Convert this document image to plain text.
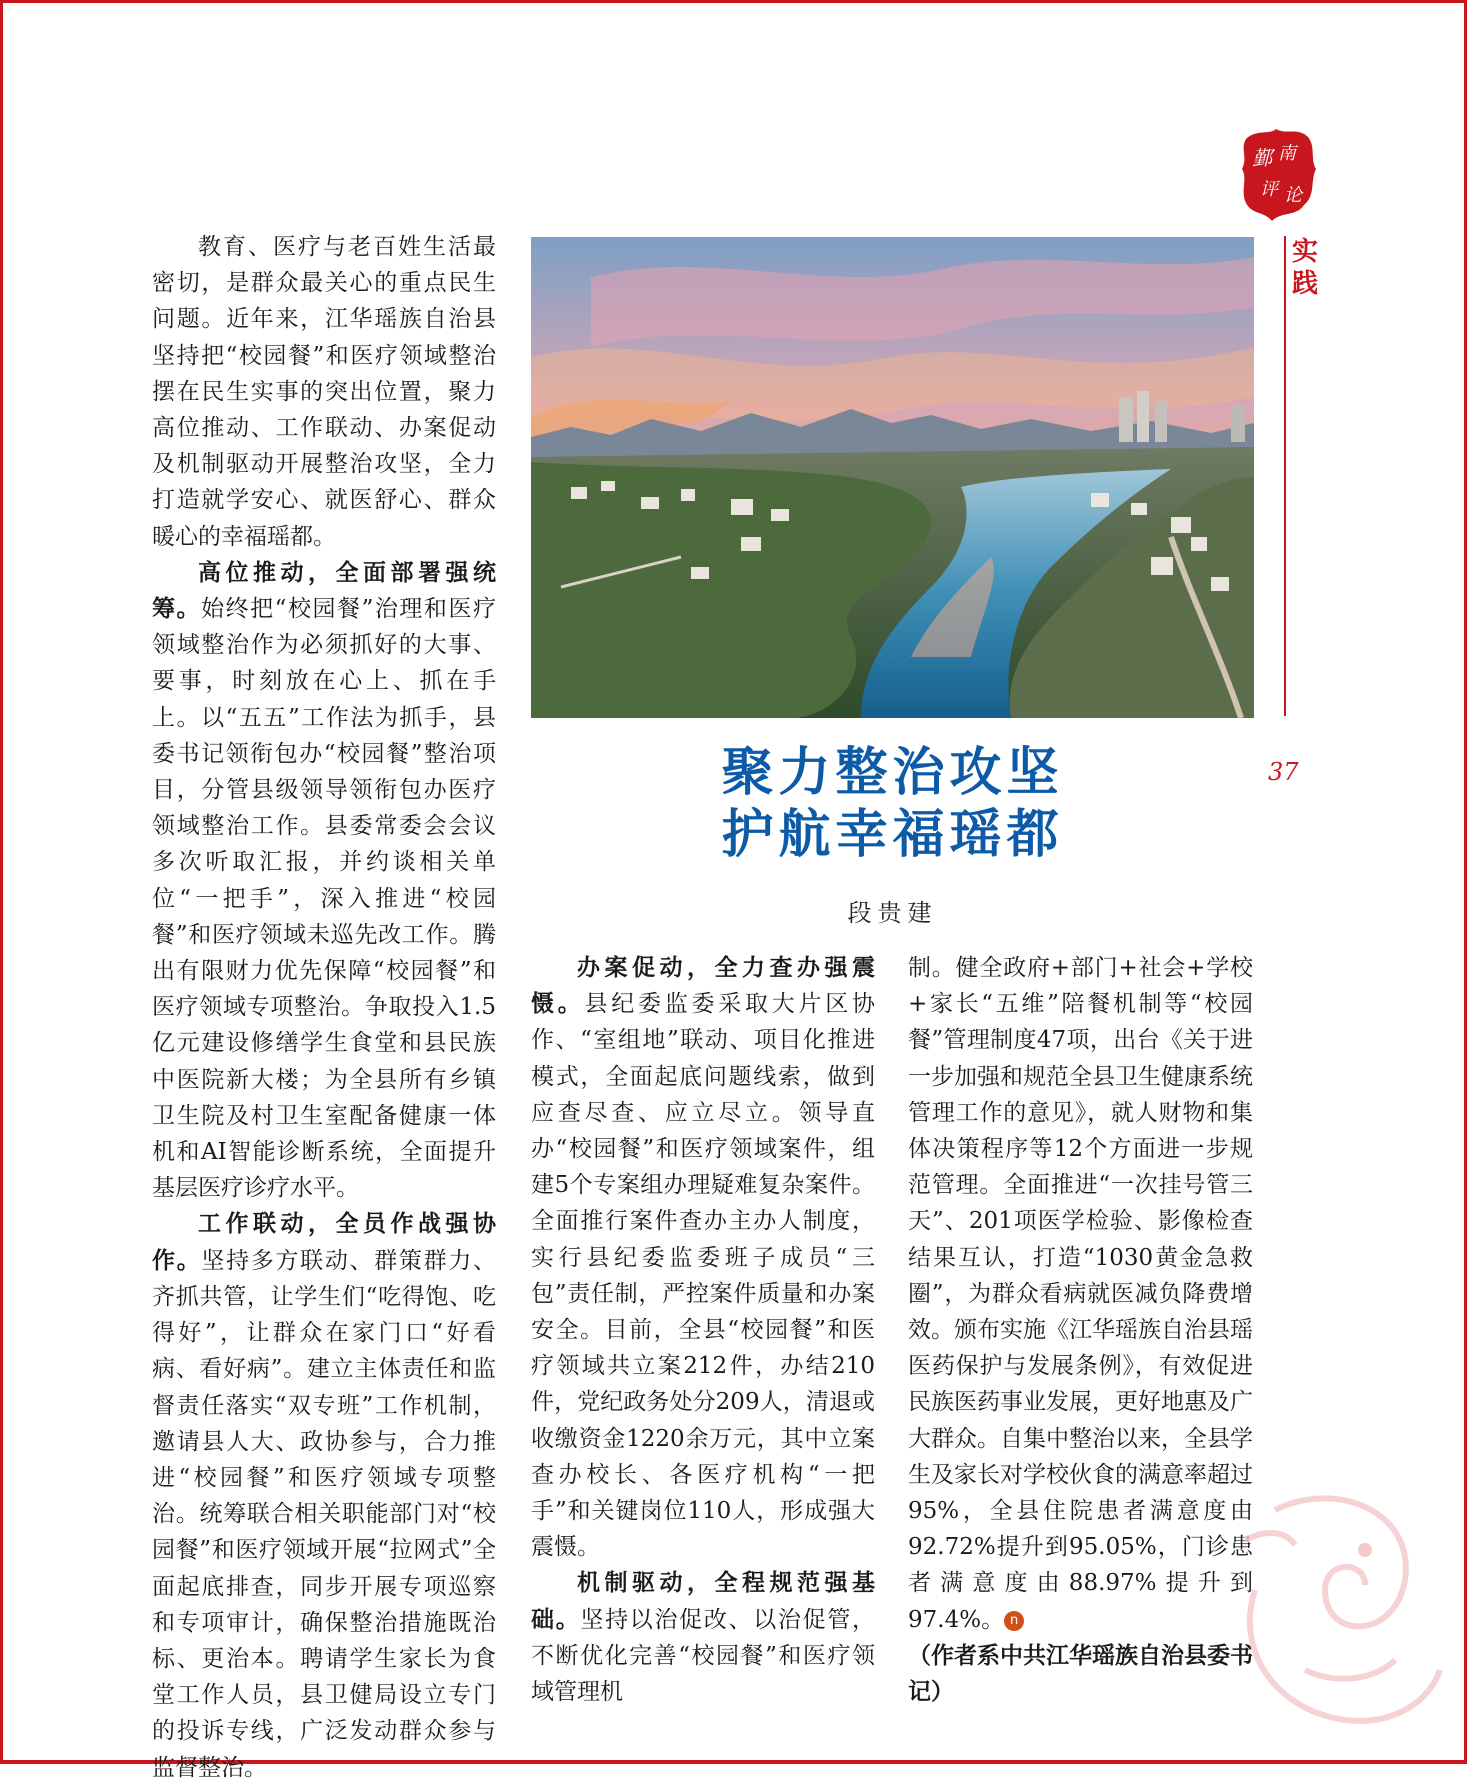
鄞 南
评 论
实践
37
聚力整治攻坚
护航幸福瑶都
段贵建

教育、医疗与老百姓生活最密切，是群众最关心的重点民生问题。近年来，江华瑶族自治县坚持把“校园餐”和医疗领域整治摆在民生实事的突出位置，聚力高位推动、工作联动、办案促动及机制驱动开展整治攻坚，全力打造就学安心、就医舒心、群众暖心的幸福瑶都。

高位推动，全面部署强统筹。始终把“校园餐”治理和医疗领域整治作为必须抓好的大事、要事，时刻放在心上、抓在手上。以“五五”工作法为抓手，县委书记领衔包办“校园餐”整治项目，分管县级领导领衔包办医疗领域整治工作。县委常委会会议多次听取汇报，并约谈相关单位“一把手”，深入推进“校园餐”和医疗领域未巡先改工作。腾出有限财力优先保障“校园餐”和医疗领域专项整治。争取投入1.5亿元建设修缮学生食堂和县民族中医院新大楼；为全县所有乡镇卫生院及村卫生室配备健康一体机和AI智能诊断系统，全面提升基层医疗诊疗水平。

工作联动，全员作战强协作。坚持多方联动、群策群力、齐抓共管，让学生们“吃得饱、吃得好”，让群众在家门口“好看病、看好病”。建立主体责任和监督责任落实“双专班”工作机制，邀请县人大、政协参与，合力推进“校园餐”和医疗领域专项整治。统筹联合相关职能部门对“校园餐”和医疗领域开展“拉网式”全面起底排查，同步开展专项巡察和专项审计，确保整治措施既治标、更治本。聘请学生家长为食堂工作人员，县卫健局设立专门的投诉专线，广泛发动群众参与监督整治。

办案促动，全力查办强震慑。县纪委监委采取大片区协作、“室组地”联动、项目化推进模式，全面起底问题线索，做到应查尽查、应立尽立。领导直办“校园餐”和医疗领域案件，组建5个专案组办理疑难复杂案件。全面推行案件查办主办人制度，实行县纪委监委班子成员“三包”责任制，严控案件质量和办案安全。目前，全县“校园餐”和医疗领域共立案212件，办结210件，党纪政务处分209人，清退或收缴资金1220余万元，其中立案查办校长、各医疗机构“一把手”和关键岗位110人，形成强大震慑。

机制驱动，全程规范强基础。坚持以治促改、以治促管，不断优化完善“校园餐”和医疗领域管理机

制。健全政府+部门+社会+学校+家长“五维”陪餐机制等“校园餐”管理制度47项，出台《关于进一步加强和规范全县卫生健康系统管理工作的意见》，就人财物和集体决策程序等12个方面进一步规范管理。全面推进“一次挂号管三天”、201项医学检验、影像检查结果互认，打造“1030黄金急救圈”，为群众看病就医减负降费增效。颁布实施《江华瑶族自治县瑶医药保护与发展条例》，有效促进民族医药事业发展，更好地惠及广大群众。自集中整治以来，全县学生及家长对学校伙食的满意率超过95%，全县住院患者满意度由92.72%提升到95.05%，门诊患者满意度由88.97%提升到97.4%。 n

（作者系中共江华瑶族自治县委书记）
